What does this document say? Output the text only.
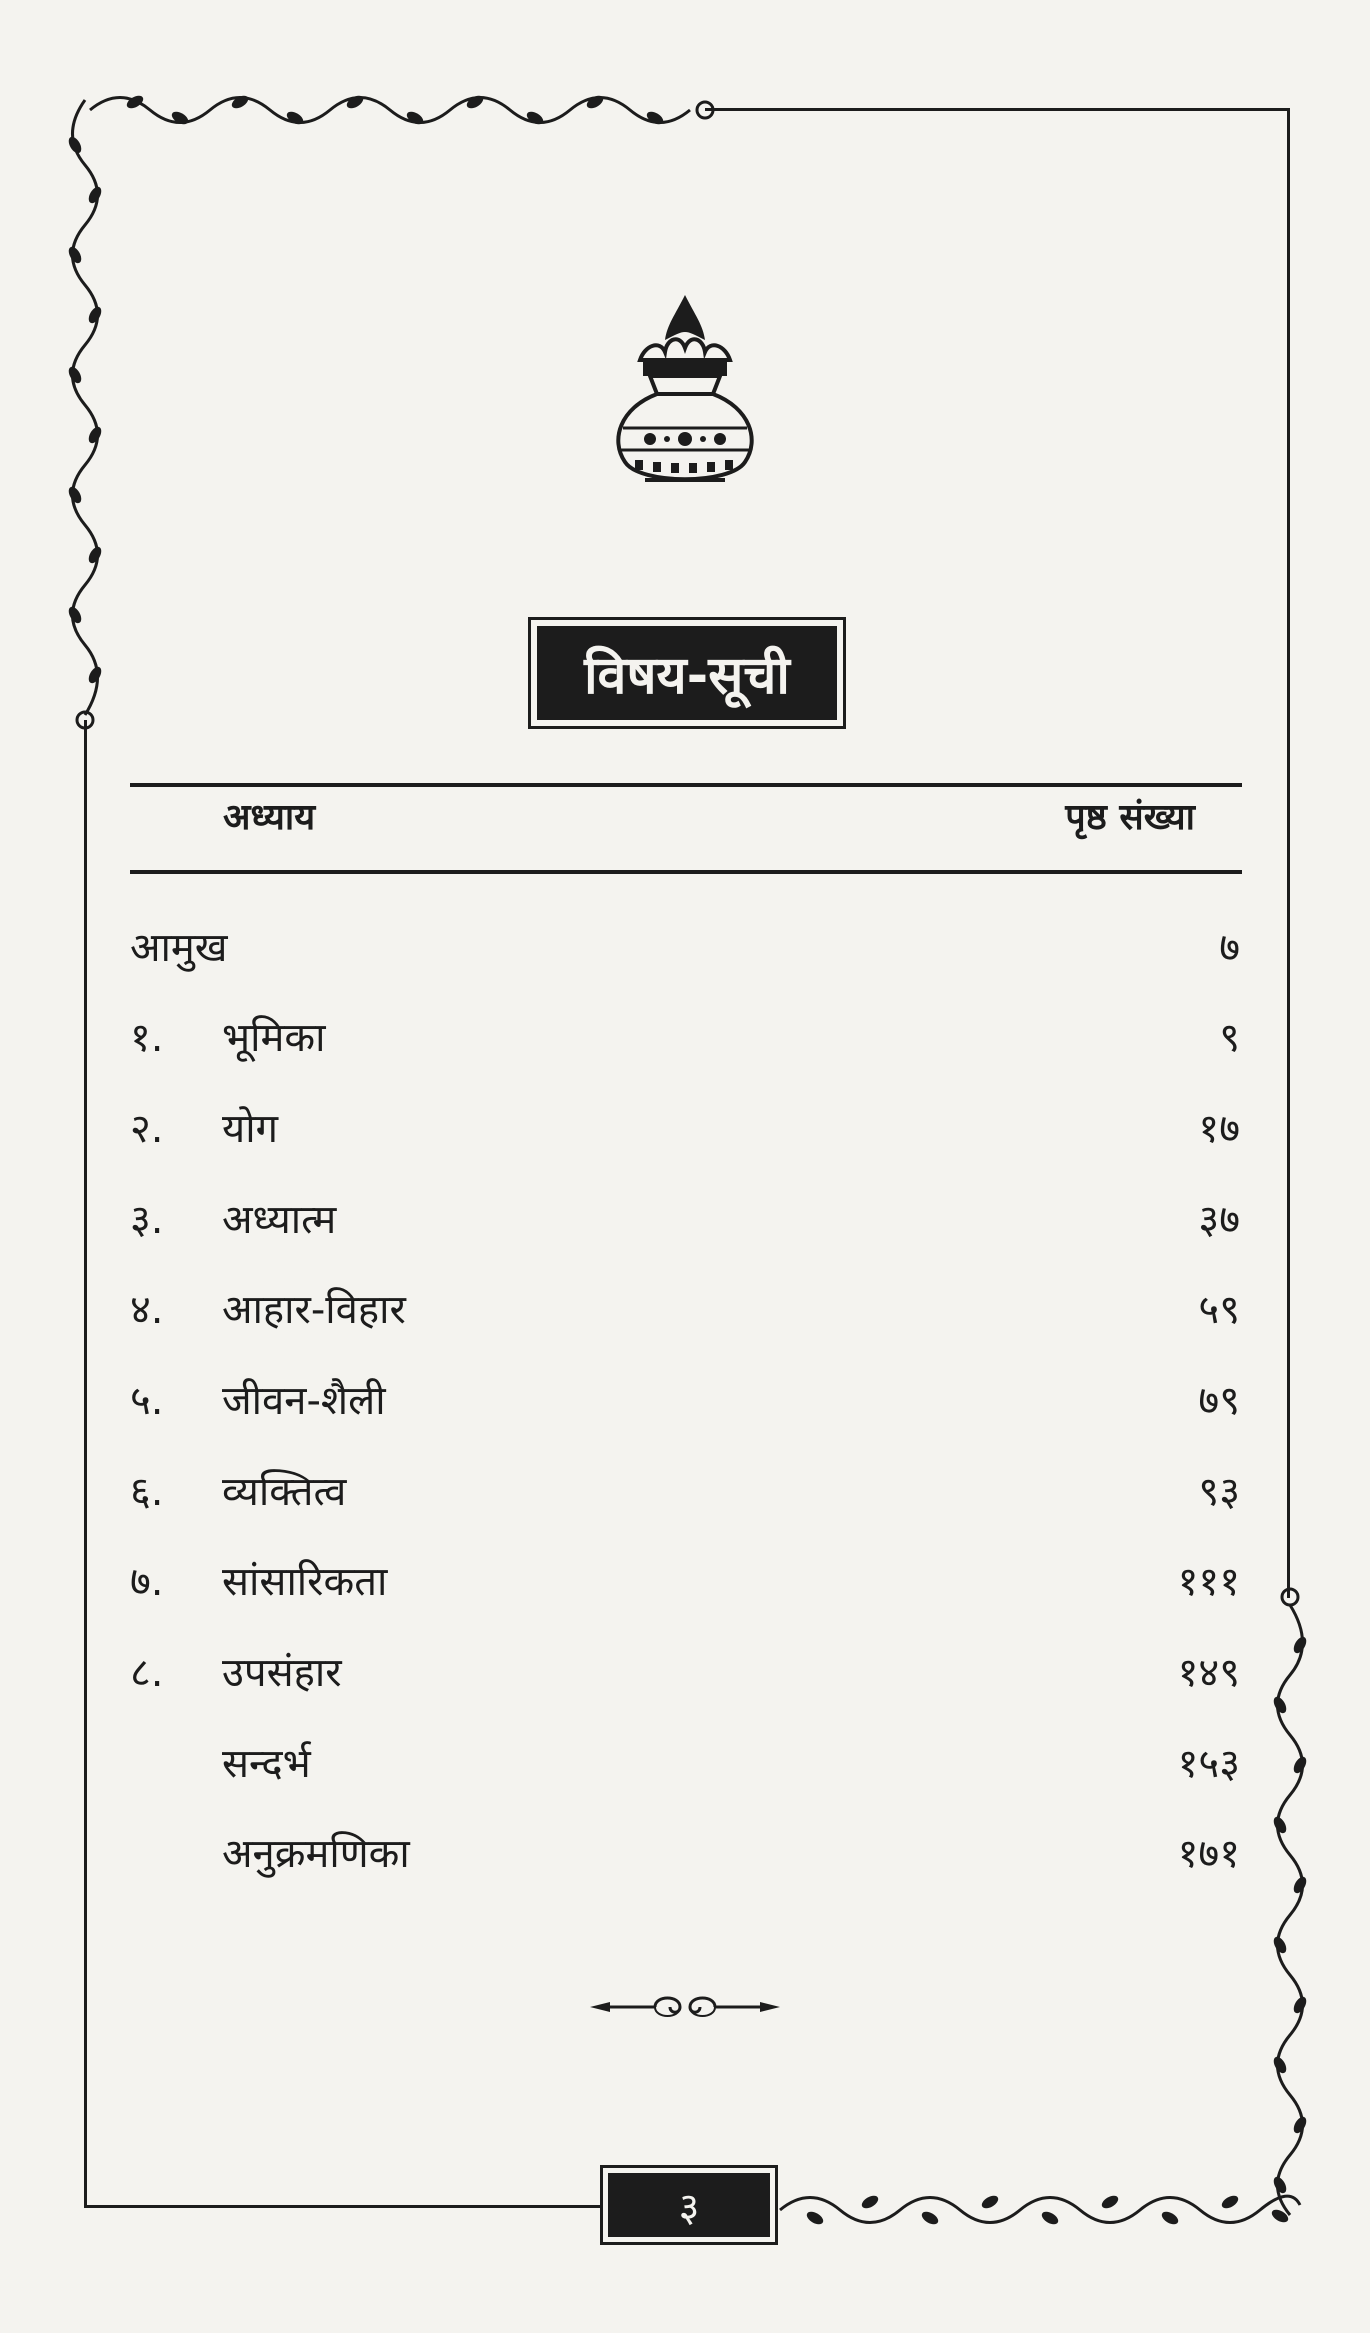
विषय-सूची
अध्याय	पृष्ठ संख्या
आमुख	७
१. भूमिका	९
२. योग	१७
३. अध्यात्म	३७
४. आहार-विहार	५९
५. जीवन-शैली	७९
६. व्यक्तित्व	९३
७. सांसारिकता	१११
८. उपसंहार	१४९
सन्दर्भ	१५३
अनुक्रमणिका	१७१
३
